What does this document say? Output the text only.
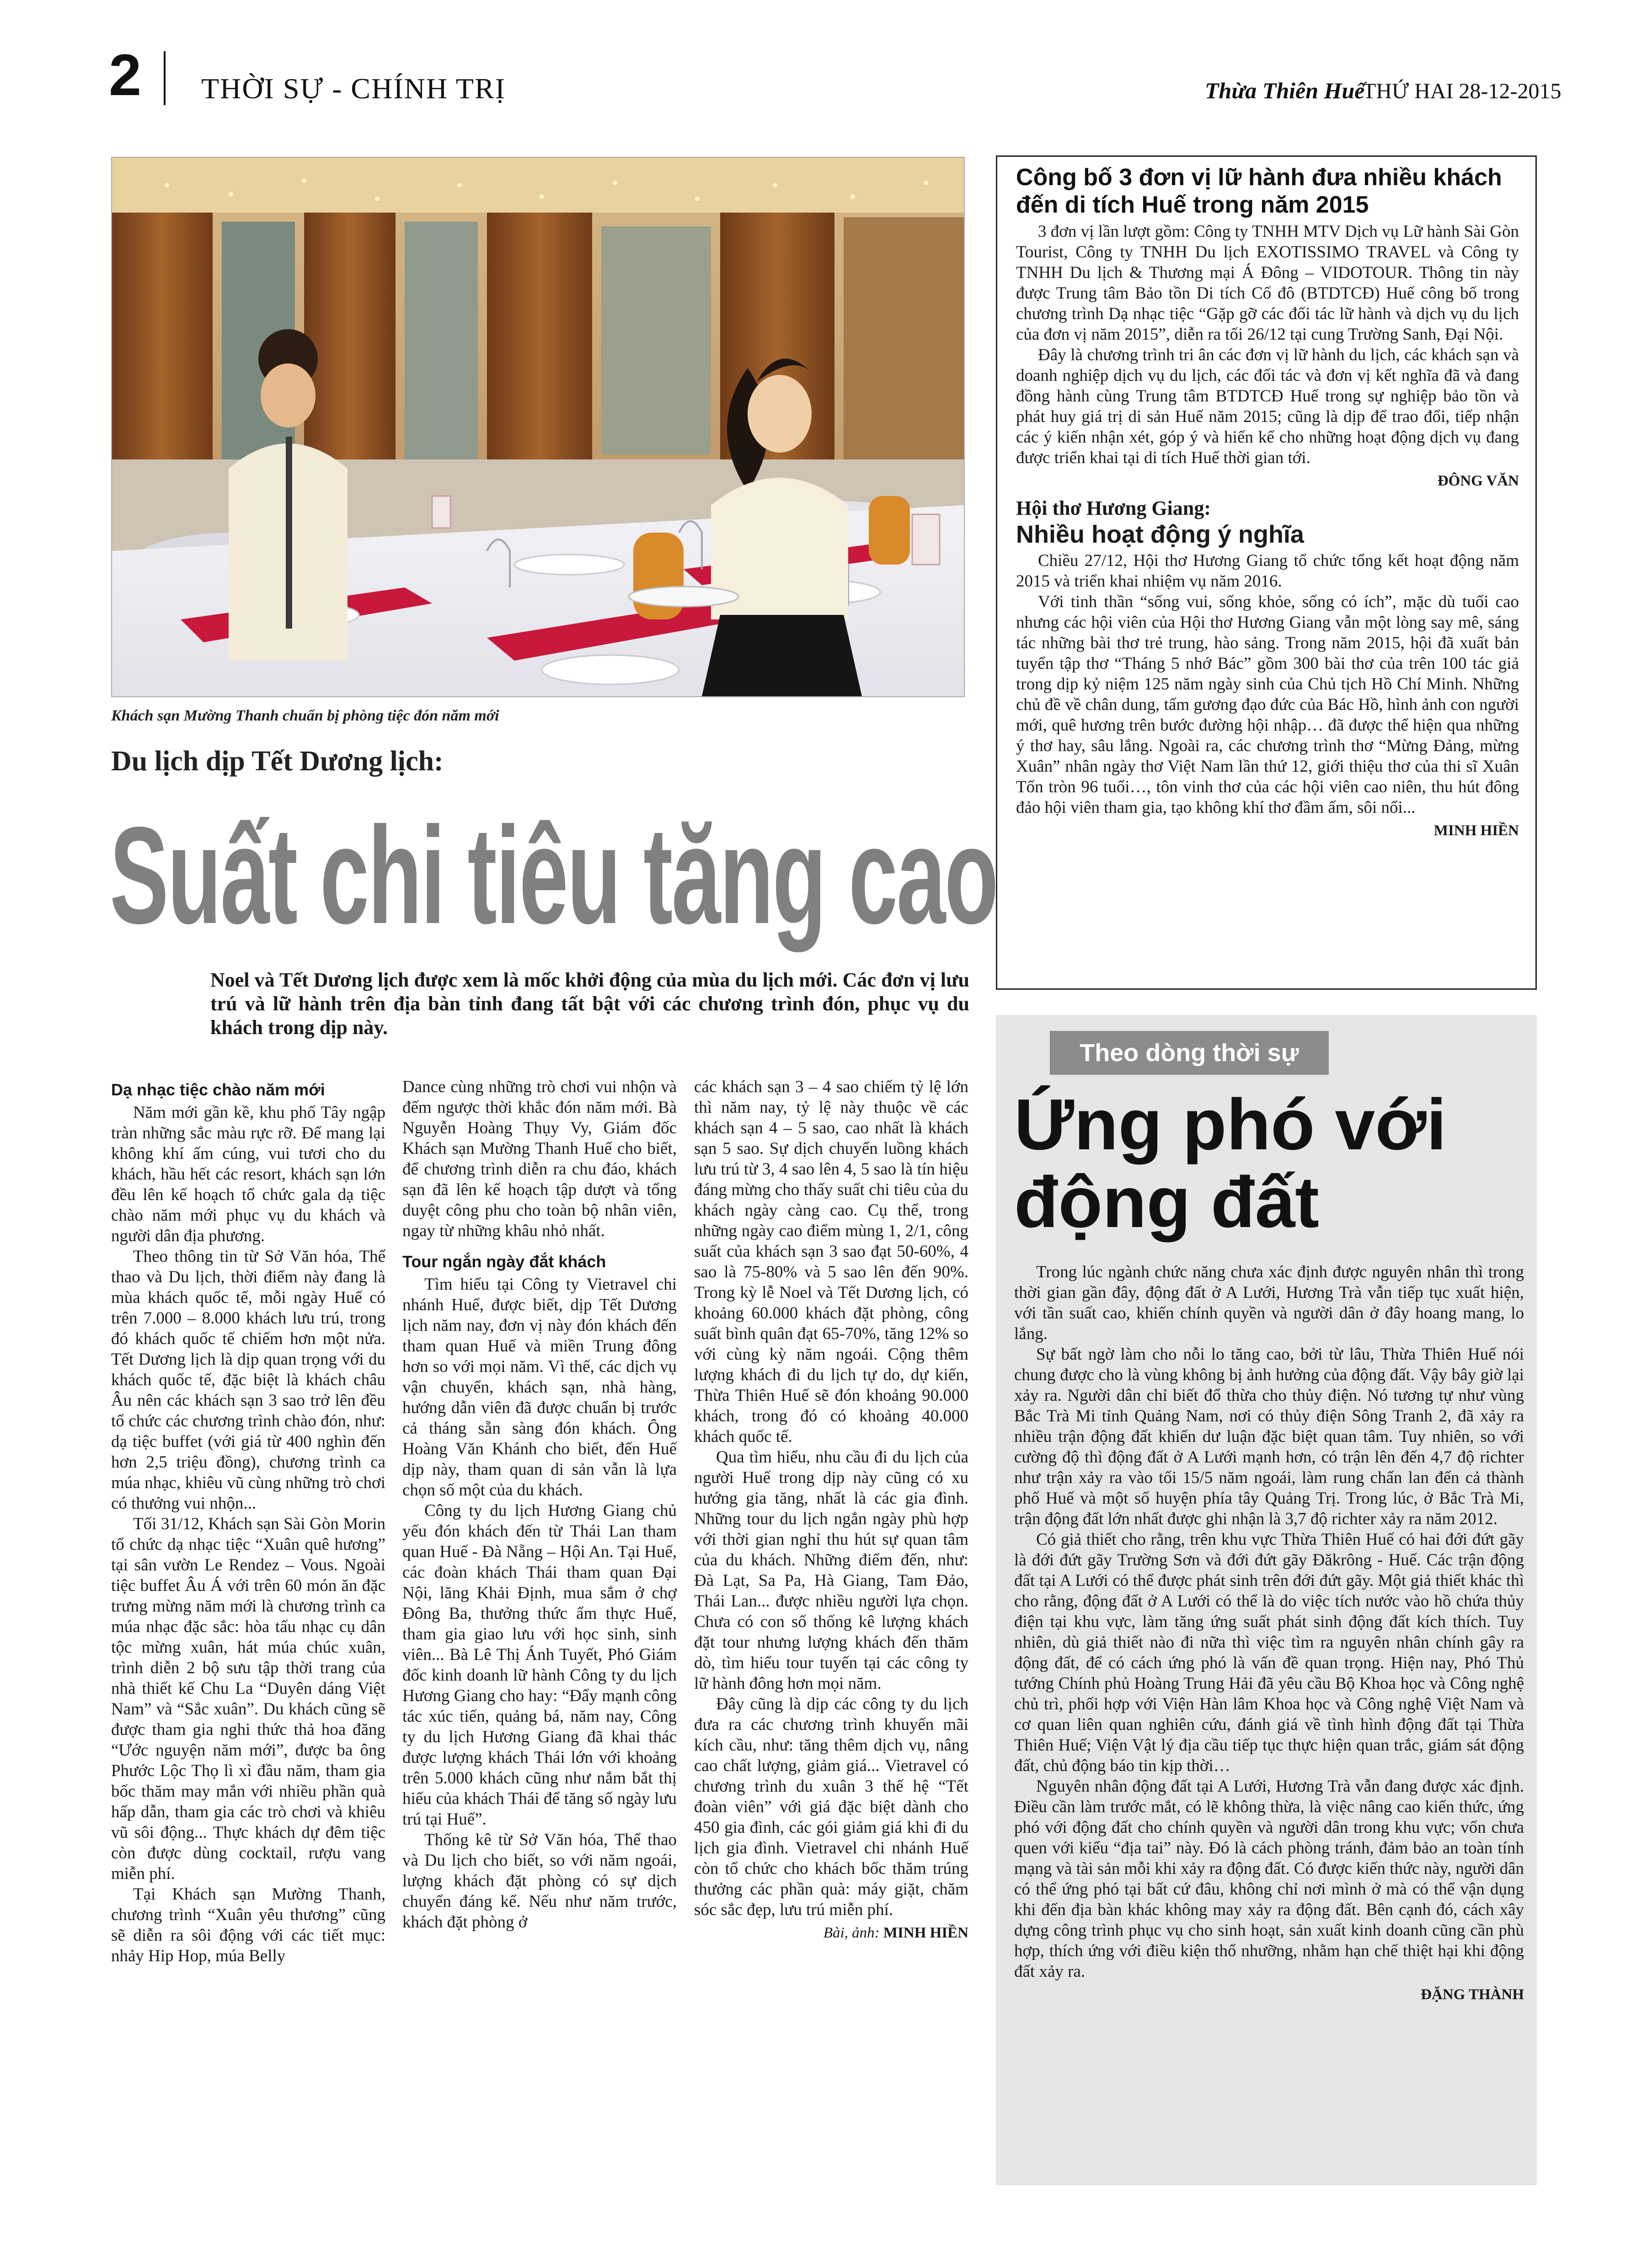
2 THỜI SỰ - CHÍNH TRỊ	Thừa Thiên Huế
THỨ HAI 28-12-2015
Khách sạn Mường Thanh chuẩn bị phòng tiệc đón năm mới
Du lịch dịp Tết Dương lịch:
Suất chi tiêu tăng cao
Noel và Tết Dương lịch được xem là mốc khởi động của mùa du lịch mới. Các đơn vị lưu trú và lữ hành trên địa bàn tỉnh đang tất bật với các chương trình đón, phục vụ du khách trong dịp này.
Dạ nhạc tiệc chào năm mới

Năm mới gần kề, khu phố Tây ngập tràn những sắc màu rực rỡ. Để mang lại không khí ấm cúng, vui tươi cho du khách, hầu hết các resort, khách sạn lớn đều lên kế hoạch tổ chức gala dạ tiệc chào năm mới phục vụ du khách và người dân địa phương.

Theo thông tin từ Sở Văn hóa, Thể thao và Du lịch, thời điểm này đang là mùa khách quốc tế, mỗi ngày Huế có trên 7.000 – 8.000 khách lưu trú, trong đó khách quốc tế chiếm hơn một nửa. Tết Dương lịch là dịp quan trọng với du khách quốc tế, đặc biệt là khách châu Âu nên các khách sạn 3 sao trở lên đều tổ chức các chương trình chào đón, như: dạ tiệc buffet (với giá từ 400 nghìn đến hơn 2,5 triệu đồng), chương trình ca múa nhạc, khiêu vũ cùng những trò chơi có thưởng vui nhộn...

Tối 31/12, Khách sạn Sài Gòn Morin tổ chức dạ nhạc tiệc “Xuân quê hương” tại sân vườn Le Rendez – Vous. Ngoài tiệc buffet Âu Á với trên 60 món ăn đặc trưng mừng năm mới là chương trình ca múa nhạc đặc sắc: hòa tấu nhạc cụ dân tộc mừng xuân, hát múa chúc xuân, trình diễn 2 bộ sưu tập thời trang của nhà thiết kế Chu La “Duyên dáng Việt Nam” và “Sắc xuân”. Du khách cũng sẽ được tham gia nghi thức thả hoa đăng “Ước nguyện năm mới”, được ba ông Phước Lộc Thọ lì xì đầu năm, tham gia bốc thăm may mắn với nhiều phần quà hấp dẫn, tham gia các trò chơi và khiêu vũ sôi động... Thực khách dự đêm tiệc còn được dùng cocktail, rượu vang miễn phí.

Tại Khách sạn Mường Thanh, chương trình “Xuân yêu thương” cũng sẽ diễn ra sôi động với các tiết mục: nhảy Hip Hop, múa Belly

Dance cùng những trò chơi vui nhộn và đếm ngược thời khắc đón năm mới. Bà Nguyễn Hoàng Thụy Vy, Giám đốc Khách sạn Mường Thanh Huế cho biết, để chương trình diễn ra chu đáo, khách sạn đã lên kế hoạch tập dượt và tổng duyệt công phu cho toàn bộ nhân viên, ngay từ những khâu nhỏ nhất.

Tour ngắn ngày đắt khách

Tìm hiểu tại Công ty Vietravel chi nhánh Huế, được biết, dịp Tết Dương lịch năm nay, đơn vị này đón khách đến tham quan Huế và miền Trung đông hơn so với mọi năm. Vì thế, các dịch vụ vận chuyển, khách sạn, nhà hàng, hướng dẫn viên đã được chuẩn bị trước cả tháng sẵn sàng đón khách. Ông Hoàng Văn Khánh cho biết, đến Huế dịp này, tham quan di sản vẫn là lựa chọn số một của du khách.

Công ty du lịch Hương Giang chủ yếu đón khách đến từ Thái Lan tham quan Huế - Đà Nẵng – Hội An. Tại Huế, các đoàn khách Thái tham quan Đại Nội, lăng Khải Định, mua sắm ở chợ Đông Ba, thưởng thức ẩm thực Huế, tham gia giao lưu với học sinh, sinh viên... Bà Lê Thị Ánh Tuyết, Phó Giám đốc kinh doanh lữ hành Công ty du lịch Hương Giang cho hay: “Đẩy mạnh công tác xúc tiến, quảng bá, năm nay, Công ty du lịch Hương Giang đã khai thác được lượng khách Thái lớn với khoảng trên 5.000 khách cũng như nắm bắt thị hiếu của khách Thái để tăng số ngày lưu trú tại Huế”.

Thống kê từ Sở Văn hóa, Thể thao và Du lịch cho biết, so với năm ngoái, lượng khách đặt phòng có sự dịch chuyển đáng kể. Nếu như năm trước, khách đặt phòng ở

các khách sạn 3 – 4 sao chiếm tỷ lệ lớn thì năm nay, tỷ lệ này thuộc về các khách sạn 4 – 5 sao, cao nhất là khách sạn 5 sao. Sự dịch chuyển luồng khách lưu trú từ 3, 4 sao lên 4, 5 sao là tín hiệu đáng mừng cho thấy suất chi tiêu của du khách ngày càng cao. Cụ thể, trong những ngày cao điểm mùng 1, 2/1, công suất của khách sạn 3 sao đạt 50-60%, 4 sao là 75-80% và 5 sao lên đến 90%. Trong kỳ lễ Noel và Tết Dương lịch, có khoảng 60.000 khách đặt phòng, công suất bình quân đạt 65-70%, tăng 12% so với cùng kỳ năm ngoái. Cộng thêm lượng khách đi du lịch tự do, dự kiến, Thừa Thiên Huế sẽ đón khoảng 90.000 khách, trong đó có khoảng 40.000 khách quốc tế.

Qua tìm hiểu, nhu cầu đi du lịch của người Huế trong dịp này cũng có xu hướng gia tăng, nhất là các gia đình. Những tour du lịch ngắn ngày phù hợp với thời gian nghỉ thu hút sự quan tâm của du khách. Những điểm đến, như: Đà Lạt, Sa Pa, Hà Giang, Tam Đảo, Thái Lan... được nhiều người lựa chọn. Chưa có con số thống kê lượng khách đặt tour nhưng lượng khách đến thăm dò, tìm hiểu tour tuyến tại các công ty lữ hành đông hơn mọi năm.

Đây cũng là dịp các công ty du lịch đưa ra các chương trình khuyến mãi kích cầu, như: tăng thêm dịch vụ, nâng cao chất lượng, giảm giá... Vietravel có chương trình du xuân 3 thế hệ “Tết đoàn viên” với giá đặc biệt dành cho 450 gia đình, các gói giảm giá khi đi du lịch gia đình. Vietravel chi nhánh Huế còn tổ chức cho khách bốc thăm trúng thưởng các phần quà: máy giặt, chăm sóc sắc đẹp, lưu trú miễn phí.

Bài, ảnh: MINH HIỀN
Công bố 3 đơn vị lữ hành đưa nhiều khách đến di tích Huế trong năm 2015

3 đơn vị lần lượt gồm: Công ty TNHH MTV Dịch vụ Lữ hành Sài Gòn Tourist, Công ty TNHH Du lịch EXOTISSIMO TRAVEL và Công ty TNHH Du lịch & Thương mại Á Đông – VIDOTOUR. Thông tin này được Trung tâm Bảo tồn Di tích Cố đô (BTDTCĐ) Huế công bố trong chương trình Dạ nhạc tiệc “Gặp gỡ các đối tác lữ hành và dịch vụ du lịch của đơn vị năm 2015”, diễn ra tối 26/12 tại cung Trường Sanh, Đại Nội.

Đây là chương trình tri ân các đơn vị lữ hành du lịch, các khách sạn và doanh nghiệp dịch vụ du lịch, các đối tác và đơn vị kết nghĩa đã và đang đồng hành cùng Trung tâm BTDTCĐ Huế trong sự nghiệp bảo tồn và phát huy giá trị di sản Huế năm 2015; cũng là dịp để trao đổi, tiếp nhận các ý kiến nhận xét, góp ý và hiến kế cho những hoạt động dịch vụ đang được triển khai tại di tích Huế thời gian tới.

ĐÔNG VĂN
Hội thơ Hương Giang:
Nhiều hoạt động ý nghĩa

Chiều 27/12, Hội thơ Hương Giang tổ chức tổng kết hoạt động năm 2015 và triển khai nhiệm vụ năm 2016.

Với tinh thần “sống vui, sống khỏe, sống có ích”, mặc dù tuổi cao nhưng các hội viên của Hội thơ Hương Giang vẫn một lòng say mê, sáng tác những bài thơ trẻ trung, hào sảng. Trong năm 2015, hội đã xuất bản tuyển tập thơ “Tháng 5 nhớ Bác” gồm 300 bài thơ của trên 100 tác giả trong dịp kỷ niệm 125 năm ngày sinh của Chủ tịch Hồ Chí Minh. Những chủ đề về chân dung, tấm gương đạo đức của Bác Hồ, hình ảnh con người mới, quê hương trên bước đường hội nhập… đã được thể hiện qua những ý thơ hay, sâu lắng. Ngoài ra, các chương trình thơ “Mừng Đảng, mừng Xuân” nhân ngày thơ Việt Nam lần thứ 12, giới thiệu thơ của thi sĩ Xuân Tốn tròn 96 tuổi…, tôn vinh thơ của các hội viên cao niên, thu hút đông đảo hội viên tham gia, tạo không khí thơ đầm ấm, sôi nổi...

MINH HIỀN
Theo dòng thời sự
Ứng phó với
động đất

Trong lúc ngành chức năng chưa xác định được nguyên nhân thì trong thời gian gần đây, động đất ở A Lưới, Hương Trà vẫn tiếp tục xuất hiện, với tần suất cao, khiến chính quyền và người dân ở đây hoang mang, lo lắng.

Sự bất ngờ làm cho nỗi lo tăng cao, bởi từ lâu, Thừa Thiên Huế nói chung được cho là vùng không bị ảnh hưởng của động đất. Vậy bây giờ lại xảy ra. Người dân chỉ biết đổ thừa cho thủy điện. Nó tương tự như vùng Bắc Trà Mi tỉnh Quảng Nam, nơi có thủy điện Sông Tranh 2, đã xảy ra nhiều trận động đất khiến dư luận đặc biệt quan tâm. Tuy nhiên, so với cường độ thì động đất ở A Lưới mạnh hơn, có trận lên đến 4,7 độ richter như trận xảy ra vào tối 15/5 năm ngoái, làm rung chấn lan đến cả thành phố Huế và một số huyện phía tây Quảng Trị. Trong lúc, ở Bắc Trà Mi, trận động đất lớn nhất được ghi nhận là 3,7 độ richter xảy ra năm 2012.

Có giả thiết cho rằng, trên khu vực Thừa Thiên Huế có hai đới đứt gãy là đới đứt gãy Trường Sơn và đới đứt gãy Đăkrông - Huế. Các trận động đất tại A Lưới có thể được phát sinh trên đới đứt gãy. Một giả thiết khác thì cho rằng, động đất ở A Lưới có thể là do việc tích nước vào hồ chứa thủy điện tại khu vực, làm tăng ứng suất phát sinh động đất kích thích. Tuy nhiên, dù giả thiết nào đi nữa thì việc tìm ra nguyên nhân chính gây ra động đất, để có cách ứng phó là vấn đề quan trọng. Hiện nay, Phó Thủ tướng Chính phủ Hoàng Trung Hải đã yêu cầu Bộ Khoa học và Công nghệ chủ trì, phối hợp với Viện Hàn lâm Khoa học và Công nghệ Việt Nam và cơ quan liên quan nghiên cứu, đánh giá về tình hình động đất tại Thừa Thiên Huế; Viện Vật lý địa cầu tiếp tục thực hiện quan trắc, giám sát động đất, chủ động báo tin kịp thời…

Nguyên nhân động đất tại A Lưới, Hương Trà vẫn đang được xác định. Điều cần làm trước mắt, có lẽ không thừa, là việc nâng cao kiến thức, ứng phó với động đất cho chính quyền và người dân trong khu vực; vốn chưa quen với kiểu “địa tai” này. Đó là cách phòng tránh, đảm bảo an toàn tính mạng và tài sản mỗi khi xảy ra động đất. Có được kiến thức này, người dân có thể ứng phó tại bất cứ đâu, không chỉ nơi mình ở mà có thể vận dụng khi đến địa bàn khác không may xảy ra động đất. Bên cạnh đó, cách xây dựng công trình phục vụ cho sinh hoạt, sản xuất kinh doanh cũng cần phù hợp, thích ứng với điều kiện thổ nhưỡng, nhằm hạn chế thiệt hại khi động đất xảy ra.

ĐẶNG THÀNH
